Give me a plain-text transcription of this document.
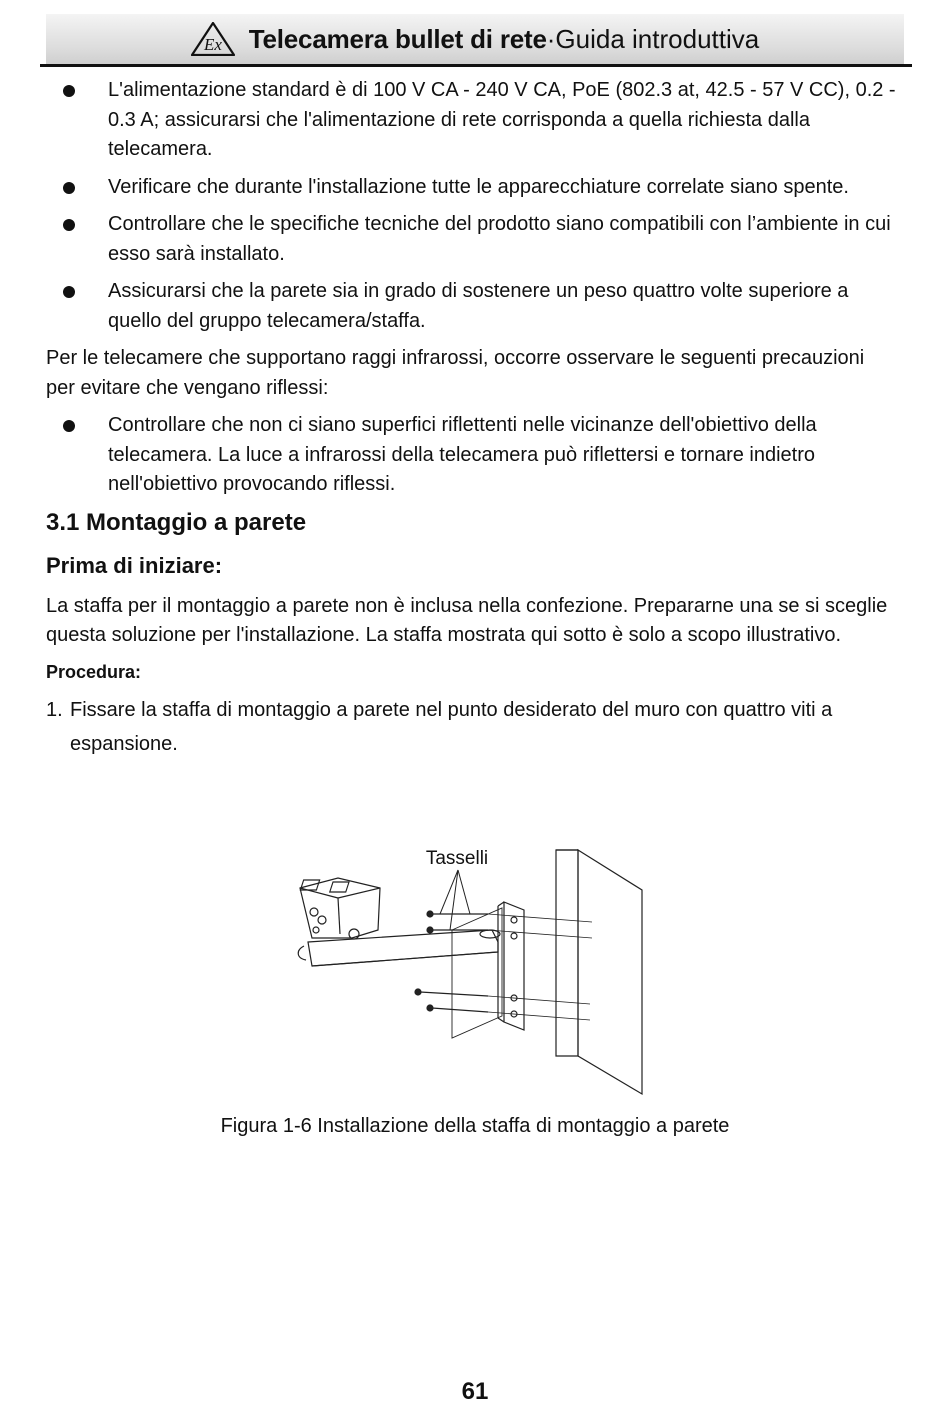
Ex Telecamera bullet di rete · Guida introduttiva
L'alimentazione standard è di 100 V CA - 240 V CA, PoE (802.3 at, 42.5 - 57 V CC), 0.2 - 0.3 A; assicurarsi che l'alimentazione di rete corrisponda a quella richiesta dalla telecamera.
Verificare che durante l'installazione tutte le apparecchiature correlate siano spente.
Controllare che le specifiche tecniche del prodotto siano compatibili con l’ambiente in cui esso sarà installato.
Assicurarsi che la parete sia in grado di sostenere un peso quattro volte superiore a quello del gruppo telecamera/staffa.

Per le telecamere che supportano raggi infrarossi, occorre osservare le seguenti precauzioni per evitare che vengano riflessi:

Controllare che non ci siano superfici riflettenti nelle vicinanze dell'obiettivo della telecamera. La luce a infrarossi della telecamera può riflettersi e tornare indietro nell'obiettivo provocando riflessi.
3.1 Montaggio a parete
Prima di iniziare:

La staffa per il montaggio a parete non è inclusa nella confezione. Prepararne una se si sceglie questa soluzione per l'installazione. La staffa mostrata qui sotto è solo a scopo illustrativo.

Procedura:
1. Fissare la staffa di montaggio a parete nel punto desiderato del muro con quattro viti a espansione.
Tasselli
Figura 1-6 Installazione della staffa di montaggio a parete
61
